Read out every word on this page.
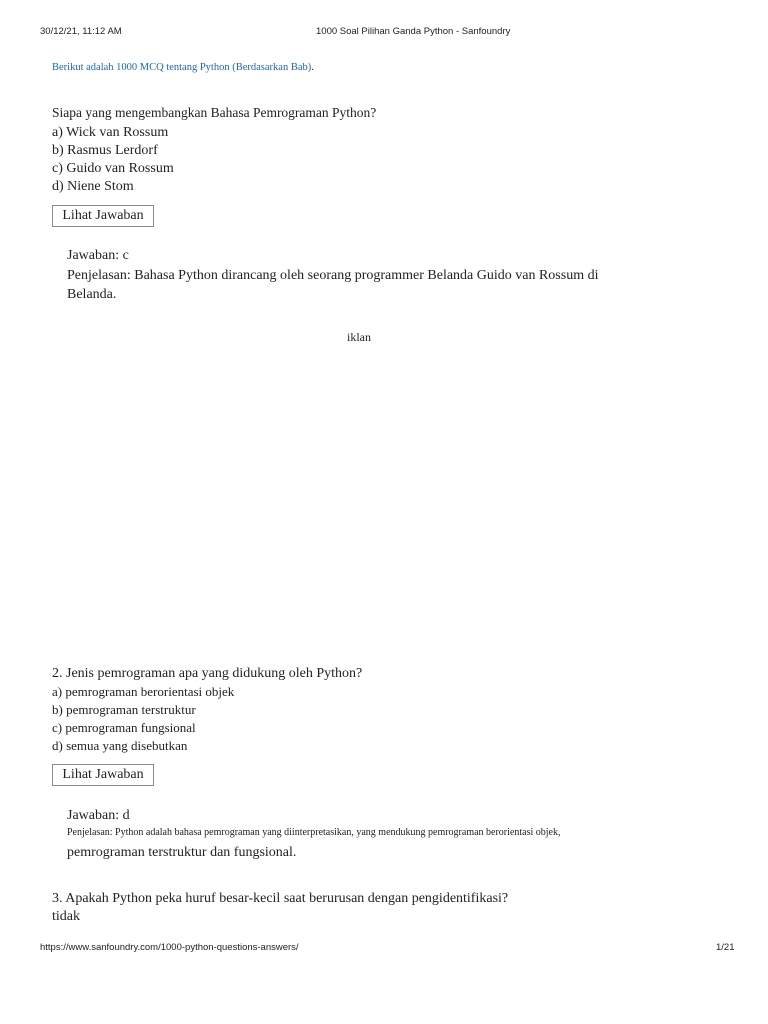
30/12/21, 11:12 AM	1000 Soal Pilihan Ganda Python - Sanfoundry
Berikut adalah 1000 MCQ tentang Python (Berdasarkan Bab).
Siapa yang mengembangkan Bahasa Pemrograman Python?
a) Wick van Rossum
b) Rasmus Lerdorf
c) Guido van Rossum
d) Niene Stom
Lihat Jawaban
Jawaban: c
Penjelasan: Bahasa Python dirancang oleh seorang programmer Belanda Guido van Rossum di Belanda.
iklan
2. Jenis pemrograman apa yang didukung oleh Python?
a) pemrograman berorientasi objek
b) pemrograman terstruktur
c) pemrograman fungsional
d) semua yang disebutkan
Lihat Jawaban
Jawaban: d
Penjelasan: Python adalah bahasa pemrograman yang diinterpretasikan, yang mendukung pemrograman berorientasi objek,
pemrograman terstruktur dan fungsional.
3. Apakah Python peka huruf besar-kecil saat berurusan dengan pengidentifikasi?
tidak
https://www.sanfoundry.com/1000-python-questions-answers/	1/21
